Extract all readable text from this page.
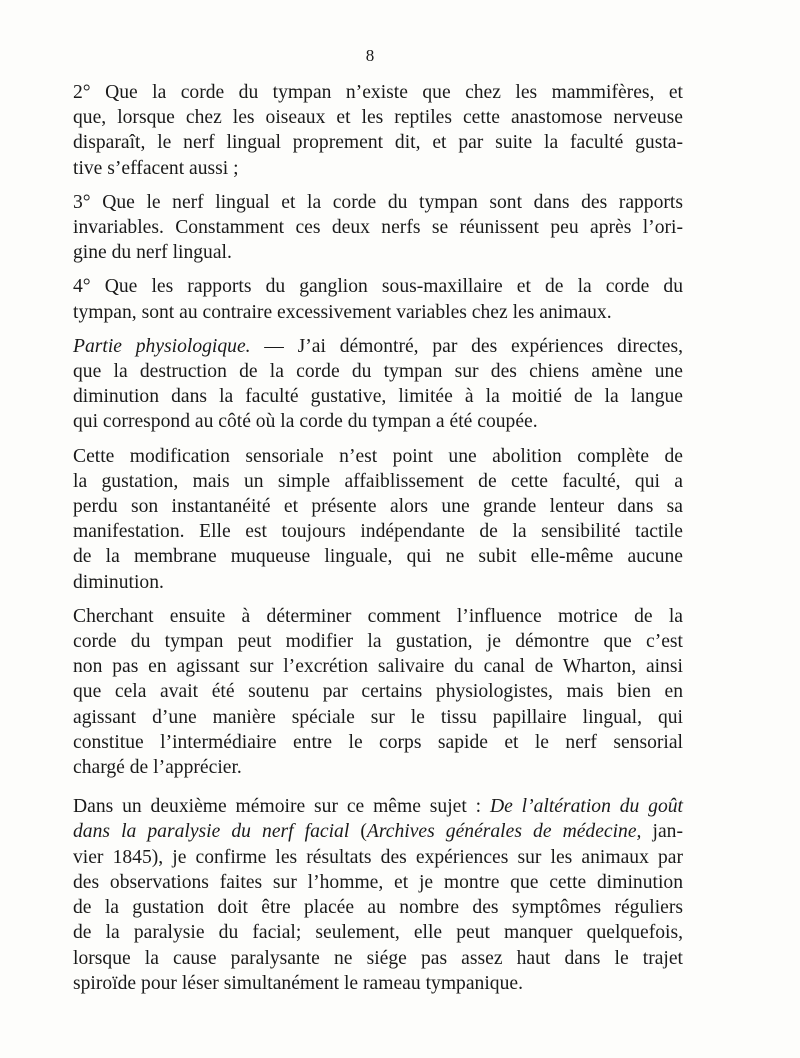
8

2° Que la corde du tympan n’existe que chez les mammifères, et
que, lorsque chez les oiseaux et les reptiles cette anastomose nerveuse
disparaît, le nerf lingual proprement dit, et par suite la faculté gusta-
tive s’effacent aussi ;

3° Que le nerf lingual et la corde du tympan sont dans des rapports
invariables. Constamment ces deux nerfs se réunissent peu après l’ori-
gine du nerf lingual.

4° Que les rapports du ganglion sous-maxillaire et de la corde du
tympan, sont au contraire excessivement variables chez les animaux.

Partie physiologique. — J’ai démontré, par des expériences directes,
que la destruction de la corde du tympan sur des chiens amène une
diminution dans la faculté gustative, limitée à la moitié de la langue
qui correspond au côté où la corde du tympan a été coupée.

Cette modification sensoriale n’est point une abolition complète de
la gustation, mais un simple affaiblissement de cette faculté, qui a
perdu son instantanéité et présente alors une grande lenteur dans sa
manifestation. Elle est toujours indépendante de la sensibilité tactile
de la membrane muqueuse linguale, qui ne subit elle-même aucune
diminution.

Cherchant ensuite à déterminer comment l’influence motrice de la
corde du tympan peut modifier la gustation, je démontre que c’est
non pas en agissant sur l’excrétion salivaire du canal de Wharton, ainsi
que cela avait été soutenu par certains physiologistes, mais bien en
agissant d’une manière spéciale sur le tissu papillaire lingual, qui
constitue l’intermédiaire entre le corps sapide et le nerf sensorial
chargé de l’apprécier.

Dans un deuxième mémoire sur ce même sujet : De l’altération du goût
dans la paralysie du nerf facial (Archives générales de médecine, jan-
vier 1845), je confirme les résultats des expériences sur les animaux par
des observations faites sur l’homme, et je montre que cette diminution
de la gustation doit être placée au nombre des symptômes réguliers
de la paralysie du facial; seulement, elle peut manquer quelquefois,
lorsque la cause paralysante ne siége pas assez haut dans le trajet
spiroïde pour léser simultanément le rameau tympanique.
